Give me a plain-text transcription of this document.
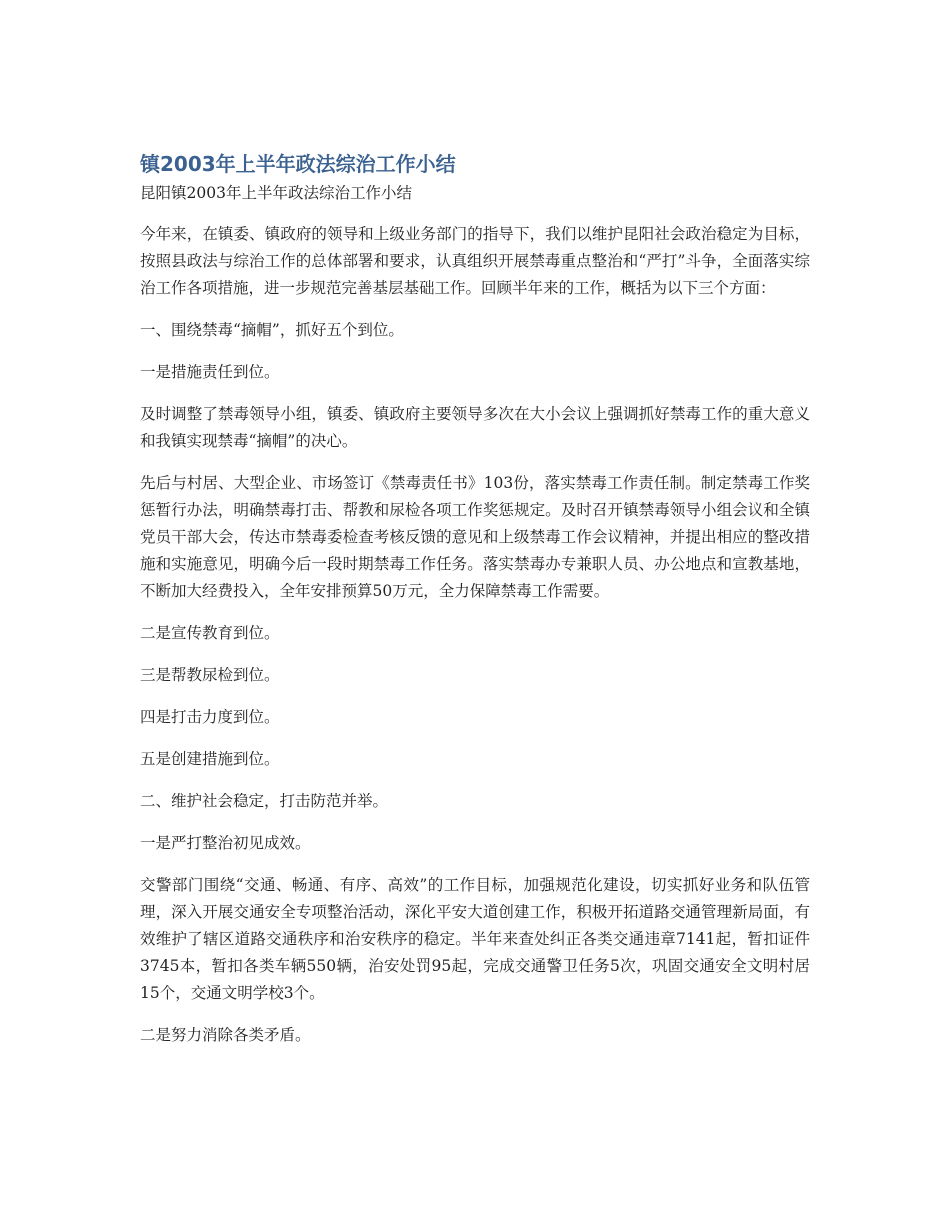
镇2003年上半年政法综治工作小结

昆阳镇2003年上半年政法综治工作小结

今年来，在镇委、镇政府的领导和上级业务部门的指导下，我们以维护昆阳社会政治稳定为目标，按照县政法与综治工作的总体部署和要求，认真组织开展禁毒重点整治和“严打”斗争，全面落实综治工作各项措施，进一步规范完善基层基础工作。回顾半年来的工作，概括为以下三个方面：

一、围绕禁毒“摘帽”，抓好五个到位。

一是措施责任到位。

及时调整了禁毒领导小组，镇委、镇政府主要领导多次在大小会议上强调抓好禁毒工作的重大意义和我镇实现禁毒“摘帽”的决心。

先后与村居、大型企业、市场签订《禁毒责任书》103份，落实禁毒工作责任制。制定禁毒工作奖惩暂行办法，明确禁毒打击、帮教和尿检各项工作奖惩规定。及时召开镇禁毒领导小组会议和全镇党员干部大会，传达市禁毒委检查考核反馈的意见和上级禁毒工作会议精神，并提出相应的整改措施和实施意见，明确今后一段时期禁毒工作任务。落实禁毒办专兼职人员、办公地点和宣教基地，不断加大经费投入，全年安排预算50万元，全力保障禁毒工作需要。

二是宣传教育到位。

三是帮教尿检到位。

四是打击力度到位。

五是创建措施到位。

二、维护社会稳定，打击防范并举。

一是严打整治初见成效。

交警部门围绕“交通、畅通、有序、高效”的工作目标，加强规范化建设，切实抓好业务和队伍管理，深入开展交通安全专项整治活动，深化平安大道创建工作，积极开拓道路交通管理新局面，有效维护了辖区道路交通秩序和治安秩序的稳定。半年来查处纠正各类交通违章7141起，暂扣证件3745本，暂扣各类车辆550辆，治安处罚95起，完成交通警卫任务5次，巩固交通安全文明村居15个，交通文明学校3个。

二是努力消除各类矛盾。
